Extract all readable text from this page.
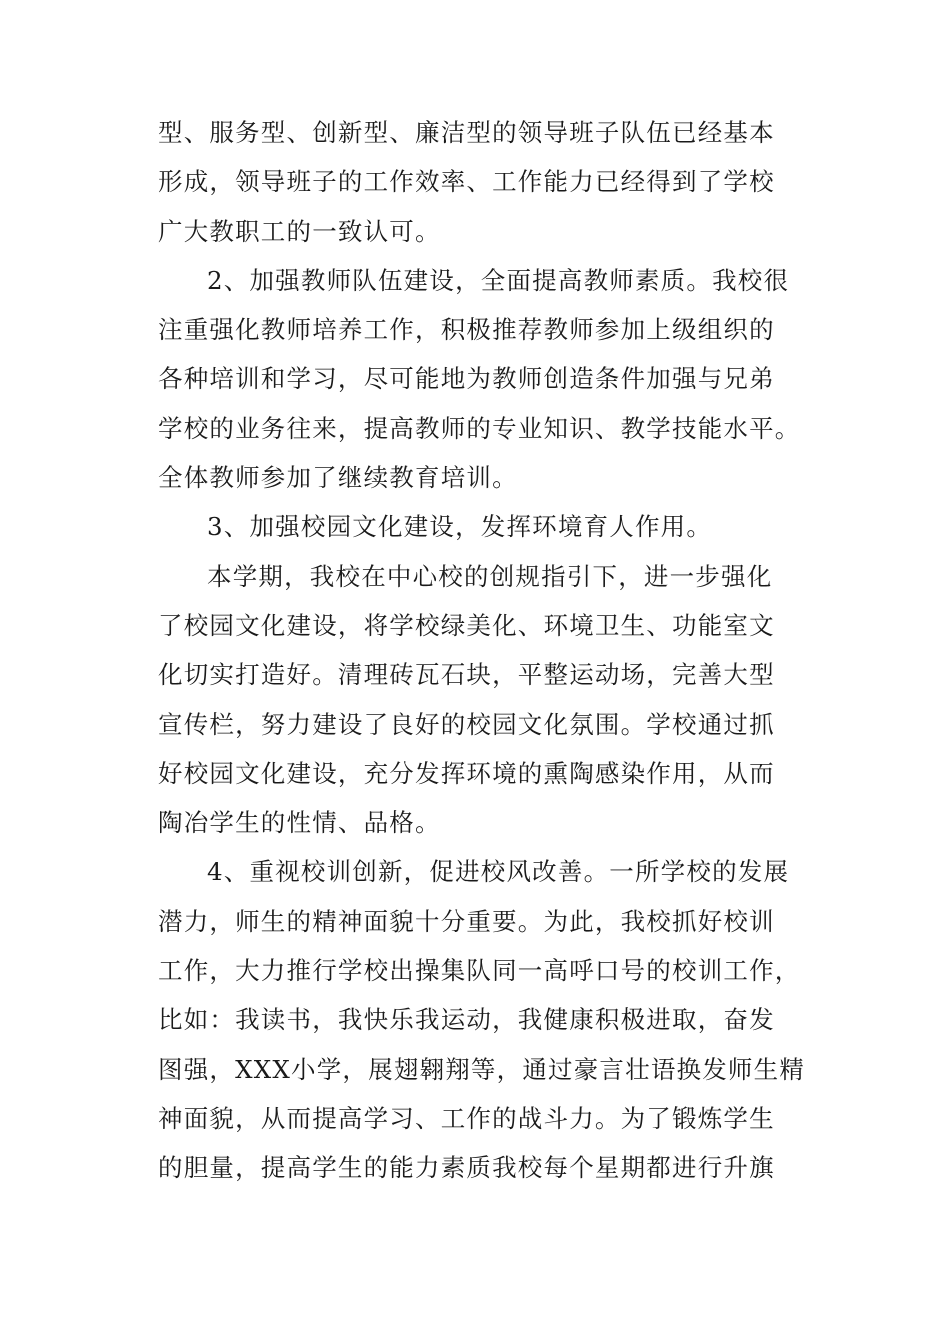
型、服务型、创新型、廉洁型的领导班子队伍已经基本
形成，领导班子的工作效率、工作能力已经得到了学校
广大教职工的一致认可。
2、加强教师队伍建设，全面提高教师素质。我校很
注重强化教师培养工作，积极推荐教师参加上级组织的
各种培训和学习，尽可能地为教师创造条件加强与兄弟
学校的业务往来，提高教师的专业知识、教学技能水平。
全体教师参加了继续教育培训。
3、加强校园文化建设，发挥环境育人作用。
本学期，我校在中心校的创规指引下，进一步强化
了校园文化建设，将学校绿美化、环境卫生、功能室文
化切实打造好。清理砖瓦石块，平整运动场，完善大型
宣传栏，努力建设了良好的校园文化氛围。学校通过抓
好校园文化建设，充分发挥环境的熏陶感染作用，从而
陶冶学生的性情、品格。
4、重视校训创新，促进校风改善。一所学校的发展
潜力，师生的精神面貌十分重要。为此，我校抓好校训
工作，大力推行学校出操集队同一高呼口号的校训工作，
比如：我读书，我快乐我运动，我健康积极进取，奋发
图强，XXX小学，展翅翱翔等，通过豪言壮语换发师生精
神面貌，从而提高学习、工作的战斗力。为了锻炼学生
的胆量，提高学生的能力素质我校每个星期都进行升旗
